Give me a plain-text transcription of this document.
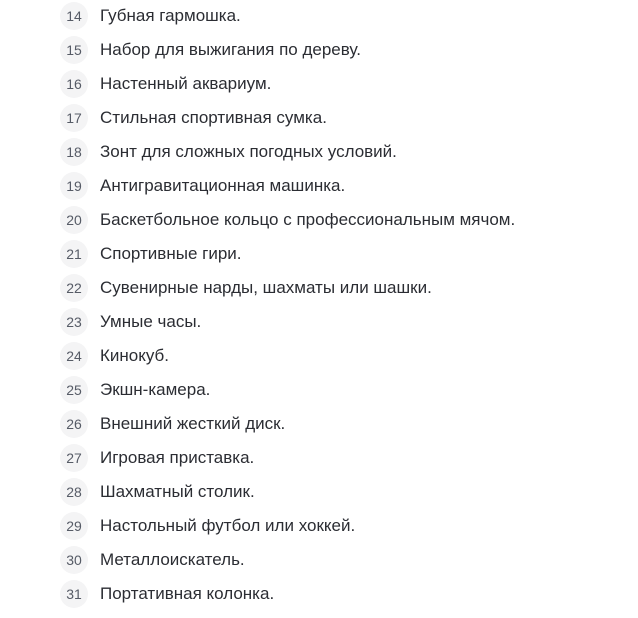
14	Губная гармошка.
15	Набор для выжигания по дереву.
16	Настенный аквариум.
17	Стильная спортивная сумка.
18	Зонт для сложных погодных условий.
19	Антигравитационная машинка.
20	Баскетбольное кольцо с профессиональным мячом.
21	Спортивные гири.
22	Сувенирные нарды, шахматы или шашки.
23	Умные часы.
24	Кинокуб.
25	Экшн-камера.
26	Внешний жесткий диск.
27	Игровая приставка.
28	Шахматный столик.
29	Настольный футбол или хоккей.
30	Металлоискатель.
31	Портативная колонка.
